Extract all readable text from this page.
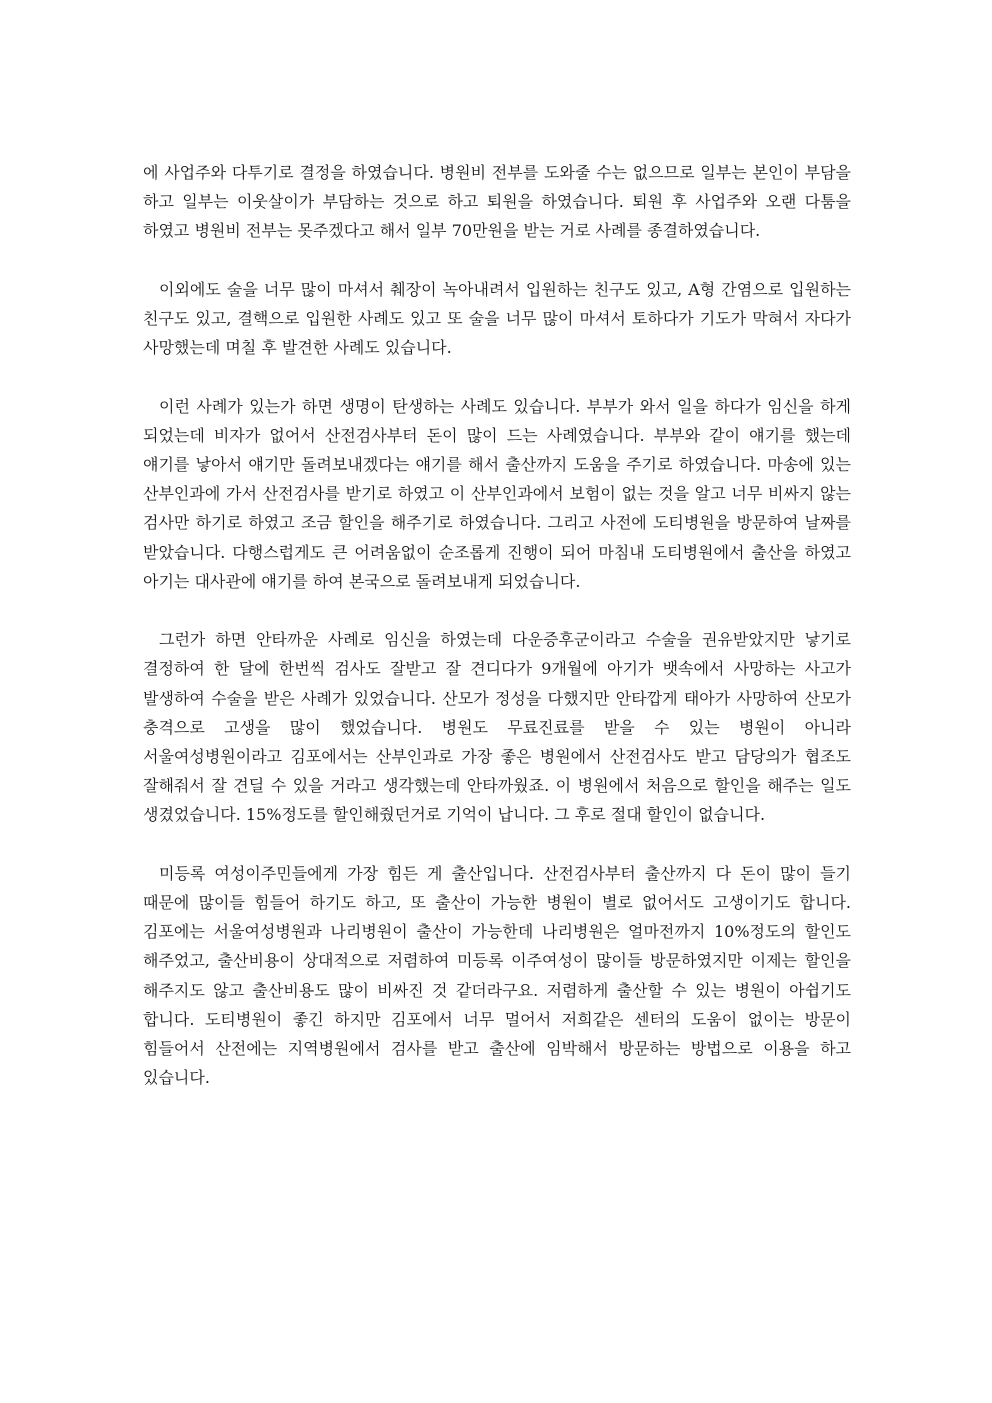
에 사업주와 다투기로 결정을 하였습니다. 병원비 전부를 도와줄 수는 없으므로 일부는 본인이 부담을 하고 일부는 이웃살이가 부담하는 것으로 하고 퇴원을 하였습니다. 퇴원 후 사업주와 오랜 다툼을 하였고 병원비 전부는 못주겠다고 해서 일부 70만원을 받는 거로 사례를 종결하였습니다.

이외에도 술을 너무 많이 마셔서 췌장이 녹아내려서 입원하는 친구도 있고, A형 간염으로 입원하는 친구도 있고, 결핵으로 입원한 사례도 있고 또 술을 너무 많이 마셔서 토하다가 기도가 막혀서 자다가 사망했는데 며칠 후 발견한 사례도 있습니다.

이런 사례가 있는가 하면 생명이 탄생하는 사례도 있습니다. 부부가 와서 일을 하다가 임신을 하게 되었는데 비자가 없어서 산전검사부터 돈이 많이 드는 사례였습니다. 부부와 같이 얘기를 했는데 얘기를 낳아서 얘기만 돌려보내겠다는 얘기를 해서 출산까지 도움을 주기로 하였습니다. 마송에 있는 산부인과에 가서 산전검사를 받기로 하였고 이 산부인과에서 보험이 없는 것을 알고 너무 비싸지 않는 검사만 하기로 하였고 조금 할인을 해주기로 하였습니다. 그리고 사전에 도티병원을 방문하여 날짜를 받았습니다. 다행스럽게도 큰 어려움없이 순조롭게 진행이 되어 마침내 도티병원에서 출산을 하였고 아기는 대사관에 얘기를 하여 본국으로 돌려보내게 되었습니다.

그런가 하면 안타까운 사례로 임신을 하였는데 다운증후군이라고 수술을 권유받았지만 낳기로 결정하여 한 달에 한번씩 검사도 잘받고 잘 견디다가 9개월에 아기가 뱃속에서 사망하는 사고가 발생하여 수술을 받은 사례가 있었습니다. 산모가 정성을 다했지만 안타깝게 태아가 사망하여 산모가 충격으로 고생을 많이 했었습니다. 병원도 무료진료를 받을 수 있는 병원이 아니라 서울여성병원이라고 김포에서는 산부인과로 가장 좋은 병원에서 산전검사도 받고 담당의가 협조도 잘해줘서 잘 견딜 수 있을 거라고 생각했는데 안타까웠죠. 이 병원에서 처음으로 할인을 해주는 일도 생겼었습니다. 15%정도를 할인해줬던거로 기억이 납니다. 그 후로 절대 할인이 없습니다.

미등록 여성이주민들에게 가장 힘든 게 출산입니다. 산전검사부터 출산까지 다 돈이 많이 들기 때문에 많이들 힘들어 하기도 하고, 또 출산이 가능한 병원이 별로 없어서도 고생이기도 합니다. 김포에는 서울여성병원과 나리병원이 출산이 가능한데 나리병원은 얼마전까지 10%정도의 할인도 해주었고, 출산비용이 상대적으로 저렴하여 미등록 이주여성이 많이들 방문하였지만 이제는 할인을 해주지도 않고 출산비용도 많이 비싸진 것 같더라구요. 저렴하게 출산할 수 있는 병원이 아쉽기도 합니다. 도티병원이 좋긴 하지만 김포에서 너무 멀어서 저희같은 센터의 도움이 없이는 방문이 힘들어서 산전에는 지역병원에서 검사를 받고 출산에 임박해서 방문하는 방법으로 이용을 하고 있습니다.
